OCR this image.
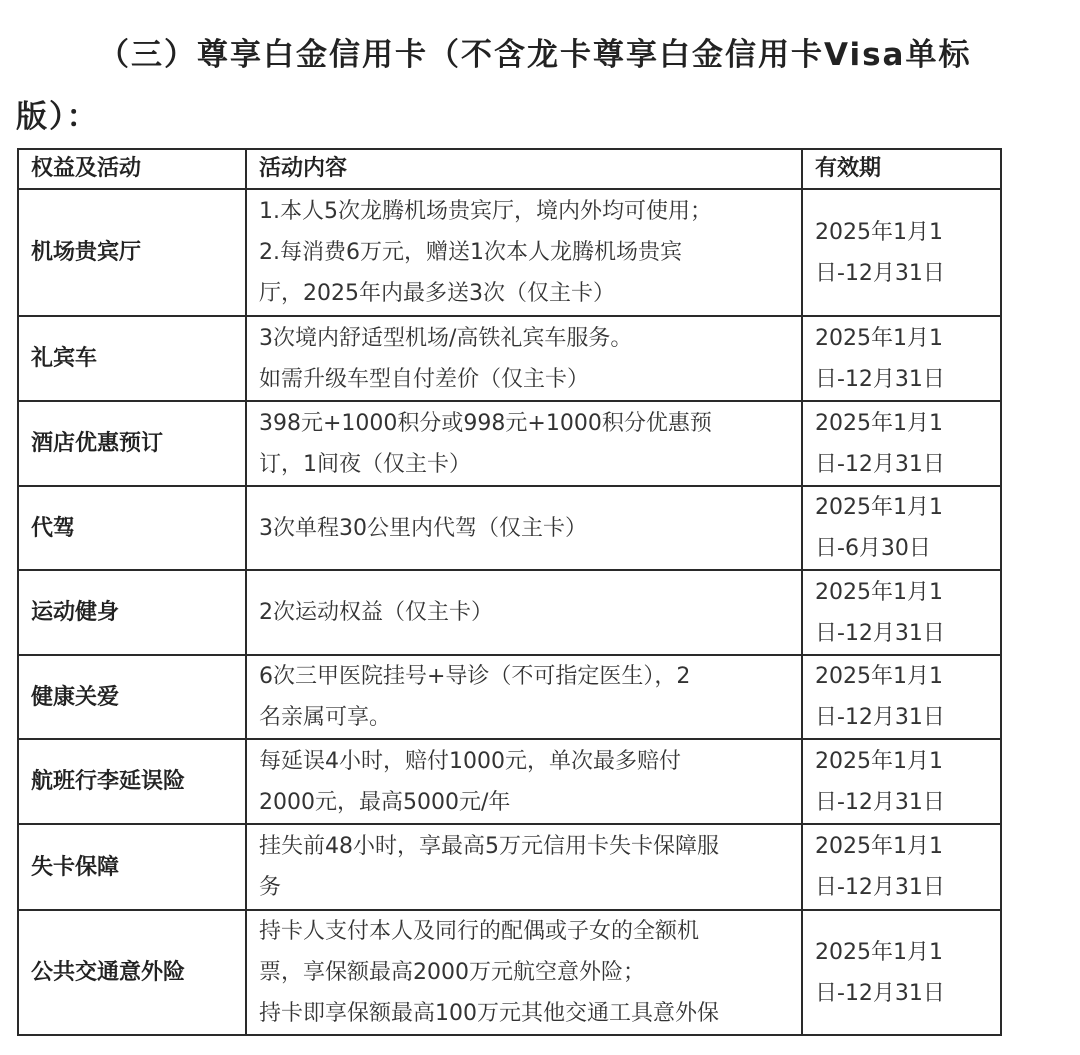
（三）尊享白金信用卡（不含龙卡尊享白金信用卡Visa单标
版）：
权益及活动	活动内容	有效期
机场贵宾厅	1.本人5次龙腾机场贵宾厅，境内外均可使用；
2.每消费6万元，赠送1次本人龙腾机场贵宾
厅，2025年内最多送3次（仅主卡）	2025年1月1
日-12月31日

礼宾车	3次境内舒适型机场/高铁礼宾车服务。
如需升级车型自付差价（仅主卡）	2025年1月1
日-12月31日

酒店优惠预订	398元+1000积分或998元+1000积分优惠预
订，1间夜（仅主卡）	2025年1月1
日-12月31日

代驾	3次单程30公里内代驾（仅主卡）	2025年1月1
日-6月30日

运动健身	2次运动权益（仅主卡）	2025年1月1
日-12月31日

健康关爱	6次三甲医院挂号+导诊（不可指定医生），2
名亲属可享。	2025年1月1
日-12月31日

航班行李延误险	每延误4小时，赔付1000元，单次最多赔付
2000元，最高5000元/年	2025年1月1
日-12月31日

失卡保障	挂失前48小时，享最高5万元信用卡失卡保障服
务	2025年1月1
日-12月31日

公共交通意外险	持卡人支付本人及同行的配偶或子女的全额机
票，享保额最高2000万元航空意外险；
持卡即享保额最高100万元其他交通工具意外保	2025年1月1
日-12月31日
